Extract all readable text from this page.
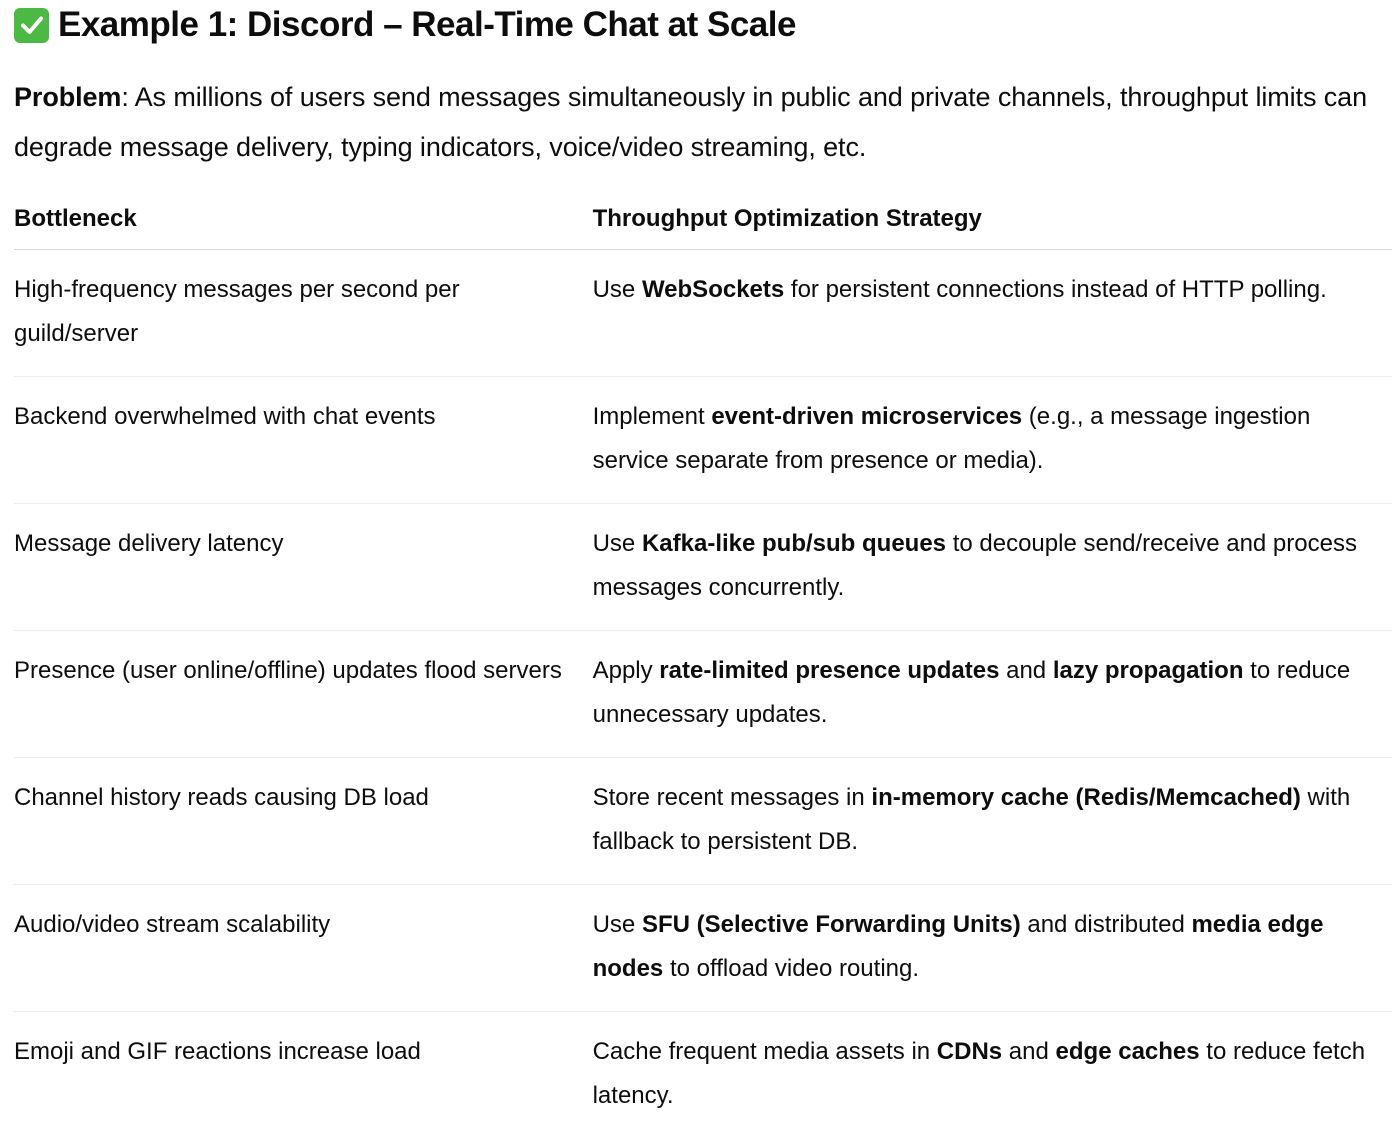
Example 1: Discord – Real-Time Chat at Scale

Problem: As millions of users send messages simultaneously in public and private channels, throughput limits can degrade message delivery, typing indicators, voice/video streaming, etc.

Bottleneck	Throughput Optimization Strategy
High-frequency messages per second per guild/server	Use WebSockets for persistent connections instead of HTTP polling.
Backend overwhelmed with chat events	Implement event-driven microservices (e.g., a message ingestion service separate from presence or media).
Message delivery latency	Use Kafka-like pub/sub queues to decouple send/receive and process messages concurrently.
Presence (user online/offline) updates flood servers	Apply rate-limited presence updates and lazy propagation to reduce unnecessary updates.
Channel history reads causing DB load	Store recent messages in in-memory cache (Redis/Memcached) with fallback to persistent DB.
Audio/video stream scalability	Use SFU (Selective Forwarding Units) and distributed media edge nodes to offload video routing.
Emoji and GIF reactions increase load	Cache frequent media assets in CDNs and edge caches to reduce fetch latency.
